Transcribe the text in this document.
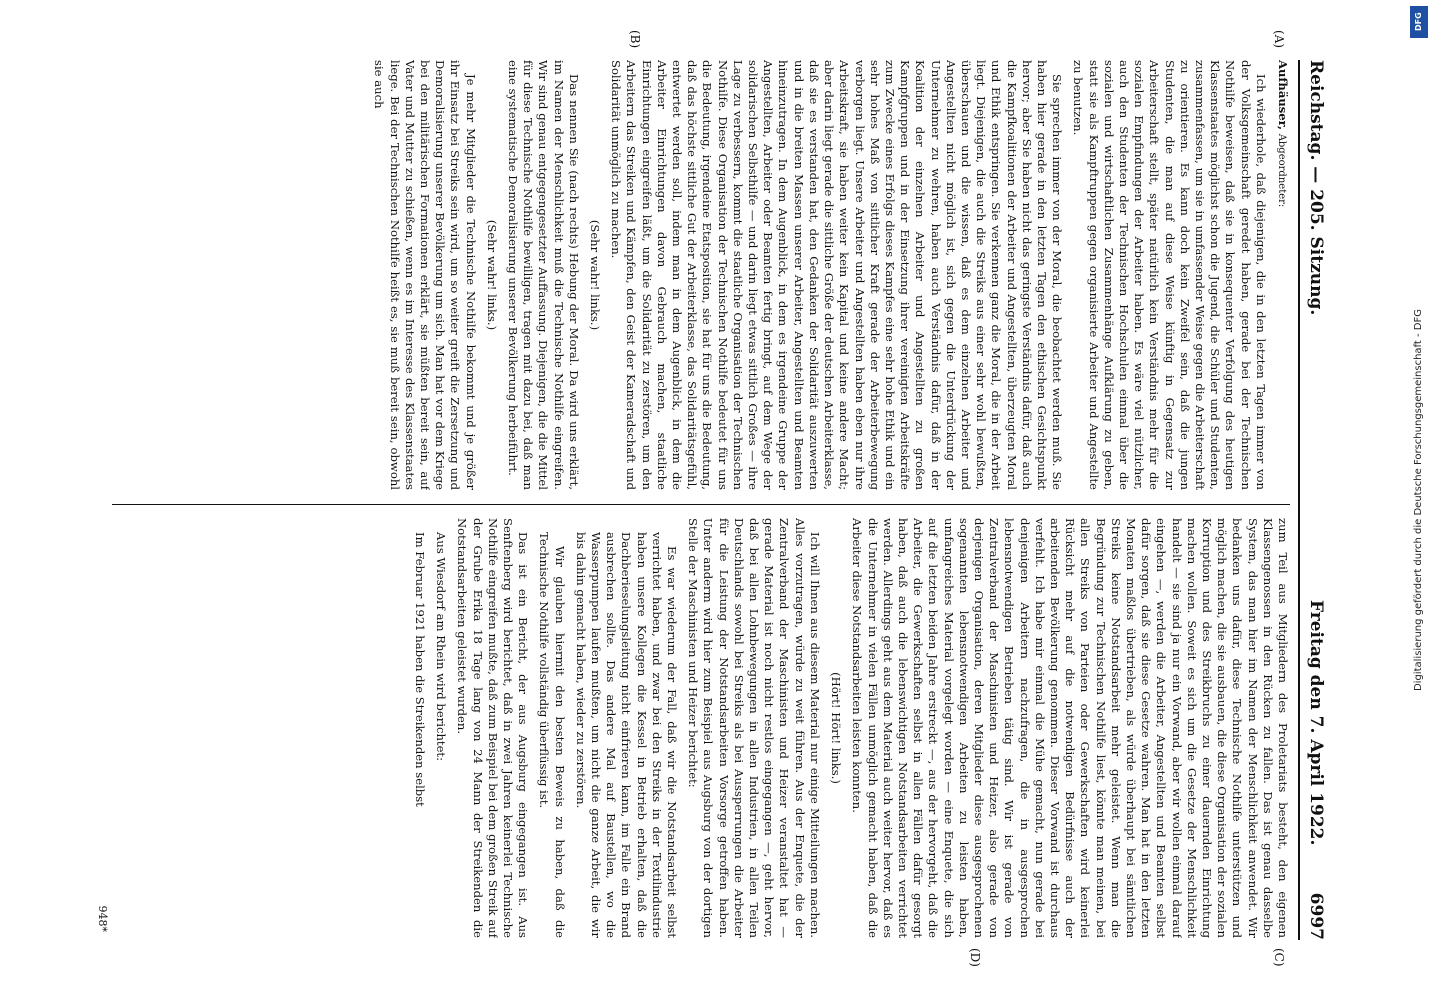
Reichstag. — 205. Sitzung.
Freitag den 7. April 1922.
6997
(A)
(B)
(C)
(D)

Aufhäuser, Abgeordneter:

Ich wiederhole, daß diejenigen, die in den letzten Tagen immer von der Volksgemeinschaft geredet haben, gerade bei der Technischen Nothilfe beweisen, daß sie in konsequenter Verfolgung des heutigen Klassenstaates möglichst schon die Jugend, die Schüler und Studenten, zusammenfassen, um sie in umfassender Weise gegen die Arbeiterschaft zu orientieren. Es kann doch kein Zweifel sein, daß die jungen Studenten, die man auf diese Weise künftig in Gegensatz zur Arbeiterschaft stellt, später natürlich kein Verständnis mehr für die sozialen Empfindungen der Arbeiter haben. Es wäre viel nützlicher, auch den Studenten der Technischen Hochschulen einmal über die sozialen und wirtschaftlichen Zusammenhänge Aufklärung zu geben, statt sie als Kampftruppen gegen organisierte Arbeiter und Angestellte zu benutzen.

Sie sprechen immer von der Moral, die beobachtet werden muß. Sie haben hier gerade in den letzten Tagen den ethischen Gesichtspunkt hervor; aber Sie haben nicht das geringste Verständnis dafür, daß auch die Kampfkoalitionen der Arbeiter und Angestellten, überzeugten Moral und Ethik entspringen. Sie verkennen ganz die Moral, die in der Arbeit liegt. Diejenigen, die auch die Streiks aus einer sehr wohl bewußten, überschauen und die wissen, daß es dem einzelnen Arbeiter und Angestellten nicht möglich ist, sich gegen die Unterdrückung der Unternehmer zu wehren, haben auch Verständnis dafür, daß in der Koalition der einzelnen Arbeiter und Angestellten zu großen Kampfgruppen und in der Einsetzung ihrer vereinigten Arbeitskräfte zum Zwecke eines Erfolgs dieses Kampfes eine sehr hohe Ethik und ein sehr hohes Maß von sittlicher Kraft gerade der Arbeiterbewegung verborgen liegt. Unsere Arbeiter und Angestellten haben eben nur ihre Arbeitskraft, sie haben weiter kein Kapital und keine andere Macht; aber darin liegt gerade die sittliche Größe der deutschen Arbeiterklasse, daß sie es verstanden hat, den Gedanken der Solidarität auszuwerten und in die breiten Massen unserer Arbeiter, Angestellten und Beamten hineinzutragen. In dem Augenblick, in dem es irgendeine Gruppe der Angestellten, Arbeiter oder Beamten fertig bringt, auf dem Wege der solidarischen Selbsthilfe — und darin liegt etwas sittlich Großes — ihre Lage zu verbessern, kommt die staatliche Organisation der Technischen Nothilfe. Diese Organisation der Technischen Nothilfe bedeutet für uns die Bedeutung, irgendeine Etatsposition, sie hat für uns die Bedeutung, daß das höchste sittliche Gut der Arbeiterklasse, das Solidaritätsgefühl, entwertet werden soll, indem man in dem Augenblick, in dem die Arbeiter Einrichtungen davon Gebrauch machen, staatliche Einrichtungen eingreifen läßt, um die Solidarität zu zerstören, um den Arbeitern das Streiken und Kämpfen, den Geist der Kameradschaft und Solidarität unmöglich zu machen.

(Sehr wahr! links.)

Das nennen Sie (nach rechts) Hebung der Moral. Da wird uns erklärt, im Namen der Menschlichkeit muß die Technische Nothilfe eingreifen. Wir sind genau entgegengesetzter Auffassung. Diejenigen, die die Mittel für diese Technische Nothilfe bewilligen, tragen mit dazu bei, daß man eine systematische Demoralisierung unserer Bevölkerung herbeiführt.

(Sehr wahr! links.)

Je mehr Mitglieder die Technische Nothilfe bekommt und je größer ihr Einsatz bei Streiks sein wird, um so weiter greift die Zersetzung und Demoralisierung unserer Bevölkerung um sich. Man hat vor dem Kriege bei den militärischen Formationen erklärt, sie müßten bereit sein, auf Vater und Mutter zu schießen, wenn es im Interesse des Klassenstaates liege. Bei der Technischen Nothilfe heißt es, sie muß bereit sein, obwohl sie auch

zum Teil aus Mitgliedern des Proletariats besteht, den eigenen Klassengenossen in den Rücken zu fallen. Das ist genau dasselbe System, das man hier im Namen der Menschlichkeit anwendet. Wir bedanken uns dafür, diese Technische Nothilfe unterstützen und möglich machen, die sie ausbauen, die diese Organisation der sozialen Korruption und des Streikbruchs zu einer dauernden Einrichtung machen wollen. Soweit es sich um die Gesetze der Menschlichkeit handelt — sie sind ja nur ein Vorwand, aber wir wollen einmal darauf eingehen —, werden die Arbeiter, Angestellten und Beamten selbst dafür sorgen, daß sie diese Gesetze wahren. Man hat in den letzten Monaten maßlos übertrieben, als würde überhaupt bei sämtlichen Streiks keine Notstandsarbeit mehr geleistet. Wenn man die Begründung zur Technischen Nothilfe liest, könnte man meinen, bei allen Streiks von Parteien oder Gewerkschaften wird keinerlei Rücksicht mehr auf die notwendigen Bedürfnisse auch der arbeitenden Bevölkerung genommen. Dieser Vorwand ist durchaus verfehlt. Ich habe mir einmal die Mühe gemacht, nun gerade bei denjenigen Arbeitern nachzufragen, die in ausgesprochen lebensnotwendigen Betrieben tätig sind. Wir ist gerade von Zentralverband der Maschinisten und Heizer, also gerade von derjenigen Organisation, deren Mitglieder diese ausgesprochenen sogenannten lebensnotwendigen Arbeiten zu leisten haben, umfangreiches Material vorgelegt worden — eine Enquete, die sich auf die letzten beiden Jahre erstreckt —, aus der hervorgeht, daß die Arbeiter, die Gewerkschaften selbst in allen Fällen dafür gesorgt haben, daß auch die lebenswichtigen Notstandsarbeiten verrichtet werden. Allerdings geht aus dem Material auch weiter hervor, daß es die Unternehmer in vielen Fällen unmöglich gemacht haben, daß die Arbeiter diese Notstandsarbeiten leisten konnten.

(Hört! Hört! links.)

Ich will Ihnen aus diesem Material nur einige Mitteilungen machen. Alles vorzutragen, würde zu weit führen. Aus der Enquete, die der Zentralverband der Maschinisten und Heizer veranstaltet hat — gerade Material ist noch nicht restlos eingegangen —, geht hervor, daß bei allen Lohnbewegungen in allen Industrien, in allen Teilen Deutschlands sowohl bei Streiks als bei Aussperrungen die Arbeiter für die Leistung der Notstandsarbeiten Vorsorge getroffen haben. Unter anderm wird hier zum Beispiel aus Augsburg von der dortigen Stelle der Maschinisten und Heizer berichtet:

Es war wiederum der Fall, daß wir die Notstandsarbeit selbst verrichtet haben, und zwar bei den Streiks in der Textilindustrie haben unsere Kollegen die Kessel in Betrieb erhalten, daß die Dachberieselungsleitung nicht einfrieren kann, im Falle ein Brand ausbrechen sollte. Das andere Mal auf Baustellen, wo die Wasserpumpen laufen mußten, um nicht die ganze Arbeit, die wir bis dahin gemacht haben, wieder zu zerstören.

Wir glauben hiermit den besten Beweis zu haben, daß die Technische Nothilfe vollständig überflüssig ist.

Das ist ein Bericht, der aus Augsburg eingegangen ist. Aus Senftenberg wird berichtet, daß in zwei Jahren keinerlei Technische Nothilfe eingreifen mußte, daß zum Beispiel bei dem großen Streik auf der Grube Erika 18 Tage lang von 24 Mann der Streikenden die Notstandsarbeiten geleistet wurden.

Aus Wiesdorf am Rhein wird berichtet:

Im Februar 1921 haben die Streikenden selbst

948*
DFG
Digitalisierung gefördert durch die Deutsche Forschungsgemeinschaft - DFG
